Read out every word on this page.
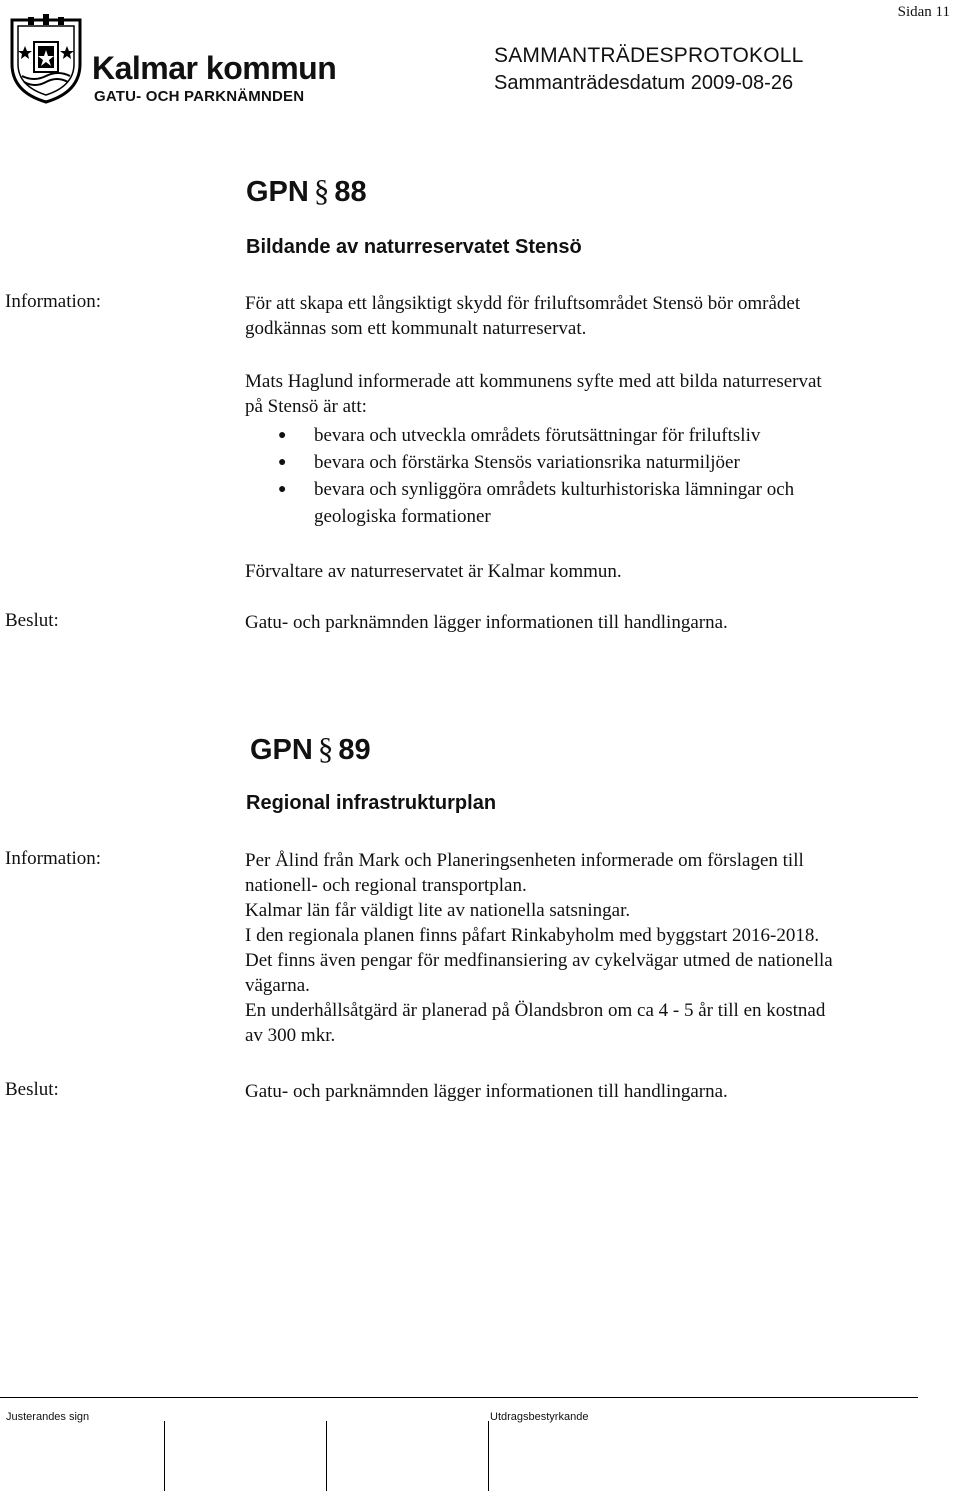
Sidan 11
Kalmar kommun
GATU- OCH PARKNÄMNDEN
SAMMANTRÄDESPROTOKOLL
Sammanträdesdatum 2009-08-26
GPN § 88
Bildande av naturreservatet Stensö
Information:	För att skapa ett långsiktigt skydd för friluftsområdet Stensö bör området

godkännas som ett kommunalt naturreservat.

Mats Haglund informerade att kommunens syfte med att bilda naturreservat

på Stensö är att:

● bevara och utveckla områdets förutsättningar för friluftsliv
● bevara och förstärka Stensös variationsrika naturmiljöer
● bevara och synliggöra områdets kulturhistoriska lämningar och geologiska formationer
Förvaltare av naturreservatet är Kalmar kommun.
Beslut:	Gatu- och parknämnden lägger informationen till handlingarna.
GPN § 89
Regional infrastrukturplan
Information:	Per Ålind från Mark och Planeringsenheten informerade om förslagen till

nationell- och regional transportplan.

Kalmar län får väldigt lite av nationella satsningar.

I den regionala planen finns påfart Rinkabyholm med byggstart 2016-2018.

Det finns även pengar för medfinansiering av cykelvägar utmed de nationella

vägarna.

En underhållsåtgärd är planerad på Ölandsbron om ca 4 - 5 år till en kostnad

av 300 mkr.

Beslut:	Gatu- och parknämnden lägger informationen till handlingarna.
Justerandes sign	Utdragsbestyrkande
